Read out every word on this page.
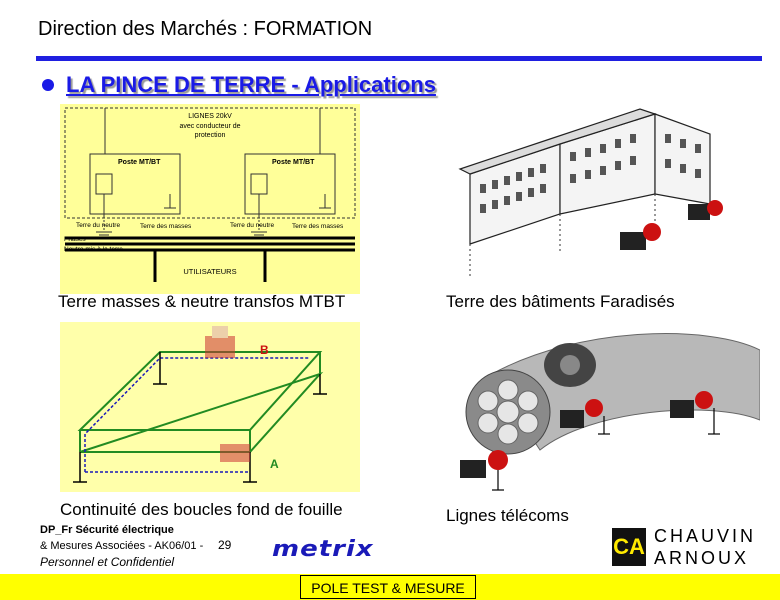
Direction des Marchés : FORMATION
LA PINCE DE TERRE - Applications
LIGNES 20kV
avec conducteur de
protection
Poste MT/BT	Poste MT/BT
Terre du neutre	Terre des masses	Terre du neutre	Terre des masses
Phases
Neutre mis à la terre
UTILISATEURS
B
A
Terre masses & neutre transfos MTBT	Terre des bâtiments Faradisés
Continuité des boucles fond de fouille	Lignes télécoms
DP_Fr Sécurité électrique
& Mesures Associées - AK06/01 - 29
Personnel et Confidentiel
metrix	CA CHAUVIN
ARNOUX
POLE TEST & MESURE
